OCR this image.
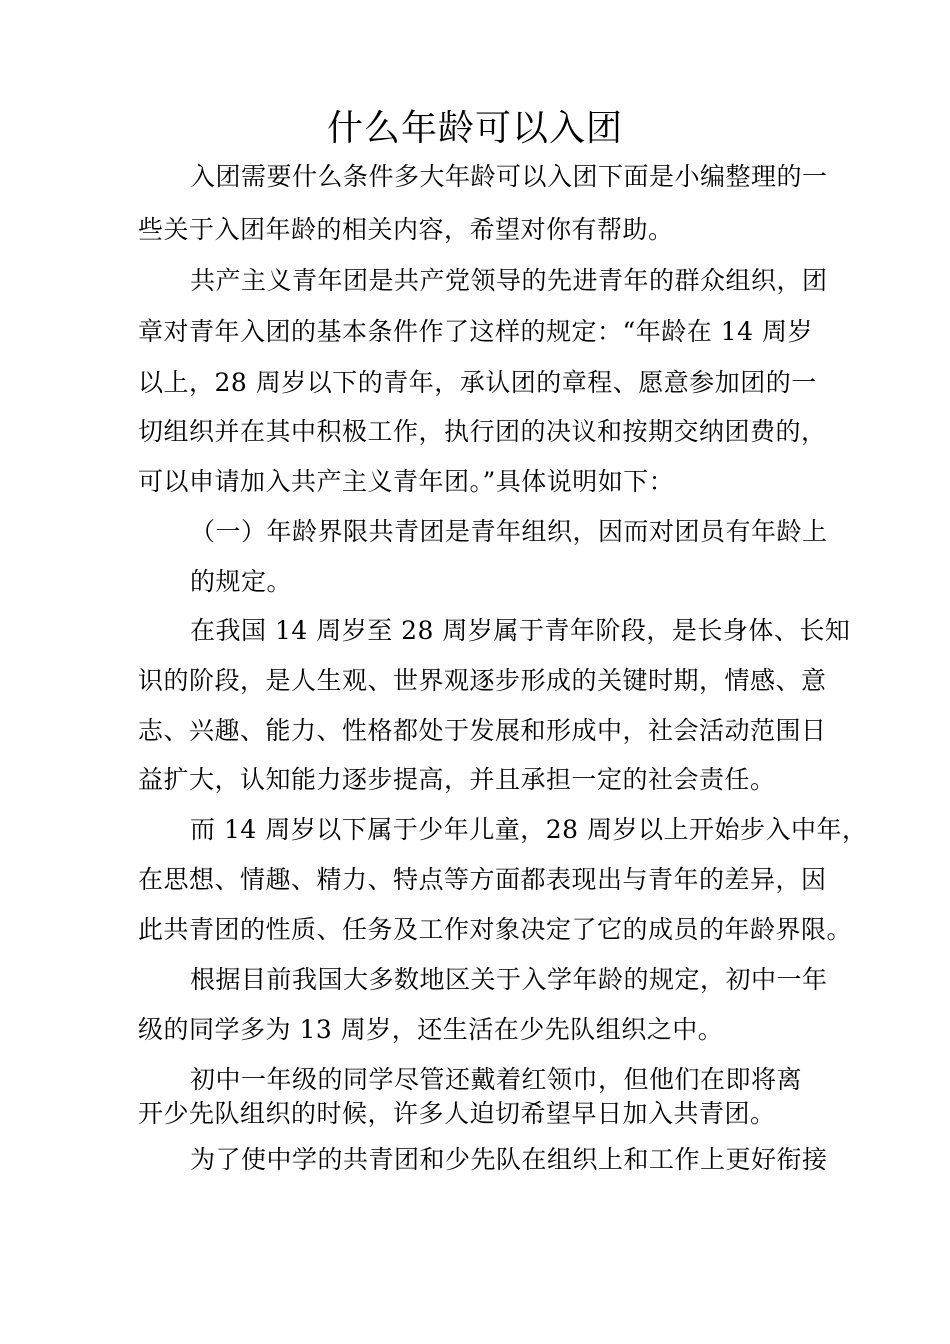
什么年龄可以入团
入团需要什么条件多大年龄可以入团下面是小编整理的一
些关于入团年龄的相关内容，希望对你有帮助。
共产主义青年团是共产党领导的先进青年的群众组织，团
章对青年入团的基本条件作了这样的规定：“年龄在 14 周岁
以上，28 周岁以下的青年，承认团的章程、愿意参加团的一
切组织并在其中积极工作，执行团的决议和按期交纳团费的，
可以申请加入共产主义青年团。”具体说明如下：
（一）年龄界限共青团是青年组织，因而对团员有年龄上
的规定。
在我国 14 周岁至 28 周岁属于青年阶段，是长身体、长知
识的阶段，是人生观、世界观逐步形成的关键时期，情感、意
志、兴趣、能力、性格都处于发展和形成中，社会活动范围日
益扩大，认知能力逐步提高，并且承担一定的社会责任。
而 14 周岁以下属于少年儿童，28 周岁以上开始步入中年，
在思想、情趣、精力、特点等方面都表现出与青年的差异，因
此共青团的性质、任务及工作对象决定了它的成员的年龄界限。
根据目前我国大多数地区关于入学年龄的规定，初中一年
级的同学多为 13 周岁，还生活在少先队组织之中。
初中一年级的同学尽管还戴着红领巾，但他们在即将离
开少先队组织的时候，许多人迫切希望早日加入共青团。
为了使中学的共青团和少先队在组织上和工作上更好衔接
